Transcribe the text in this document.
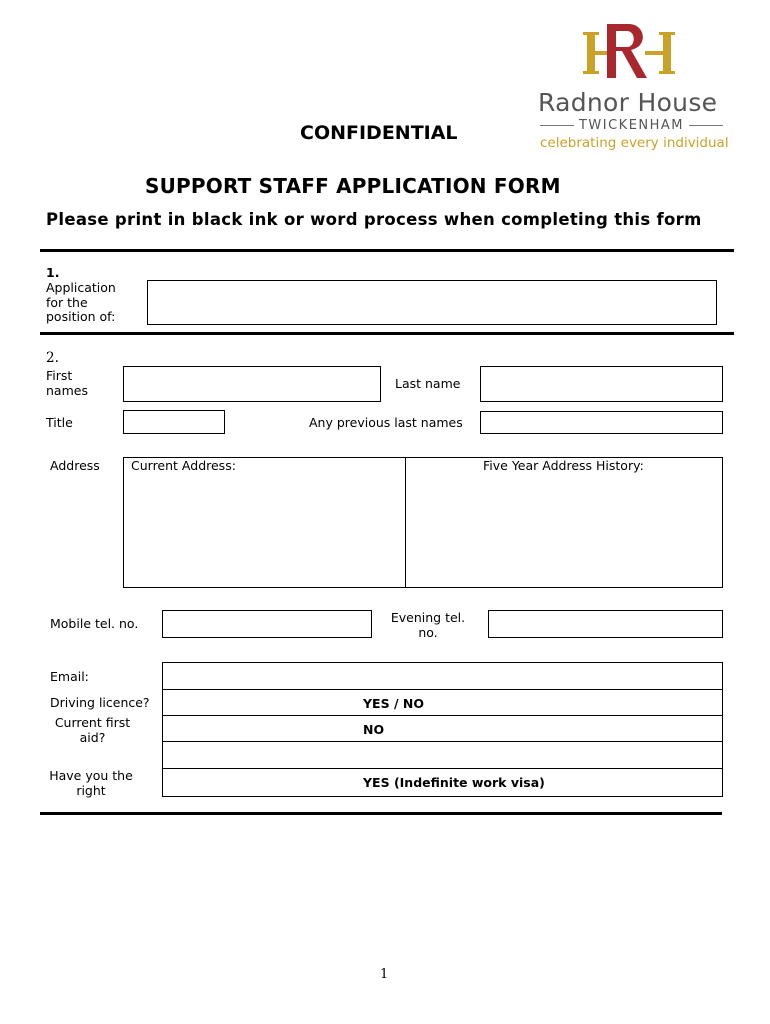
Radnor House
TWICKENHAM
celebrating every individual
CONFIDENTIAL
SUPPORT STAFF APPLICATION FORM
Please print in black ink or word process when completing this form
1.
Application for the position of:
2.
First names	Last name
Title	Any previous last names
Address Current Address:	Five Year Address History:
Mobile tel. no.	Evening tel. no.
Email:
Driving licence?	YES / NO
Current first aid?	NO
Have you the right	YES (Indefinite work visa)
1
